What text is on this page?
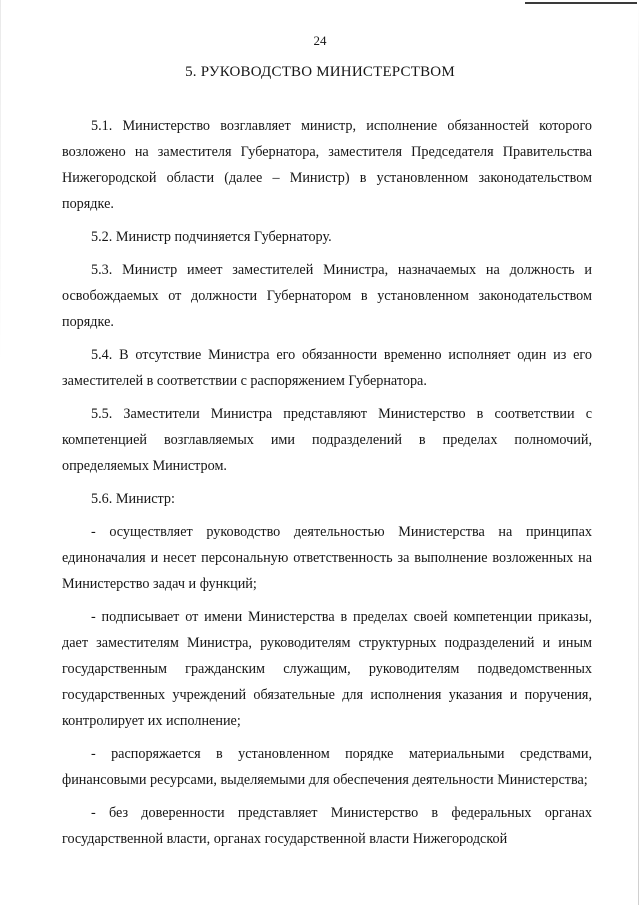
24
5. РУКОВОДСТВО МИНИСТЕРСТВОМ

5.1. Министерство возглавляет министр, исполнение обязанностей которого возложено на заместителя Губернатора, заместителя Председателя Правительства Нижегородской области (далее – Министр) в установленном законодательством порядке.

5.2. Министр подчиняется Губернатору.

5.3. Министр имеет заместителей Министра, назначаемых на должность и освобождаемых от должности Губернатором в установленном законодательством порядке.

5.4. В отсутствие Министра его обязанности временно исполняет один из его заместителей в соответствии с распоряжением Губернатора.

5.5. Заместители Министра представляют Министерство в соответствии с компетенцией возглавляемых ими подразделений в пределах полномочий, определяемых Министром.

5.6. Министр:

- осуществляет руководство деятельностью Министерства на принципах единоначалия и несет персональную ответственность за выполнение возложенных на Министерство задач и функций;

- подписывает от имени Министерства в пределах своей компетенции приказы, дает заместителям Министра, руководителям структурных подразделений и иным государственным гражданским служащим, руководителям подведомственных государственных учреждений обязательные для исполнения указания и поручения, контролирует их исполнение;

- распоряжается в установленном порядке материальными средствами, финансовыми ресурсами, выделяемыми для обеспечения деятельности Министерства;

- без доверенности представляет Министерство в федеральных органах государственной власти, органах государственной власти Нижегородской
